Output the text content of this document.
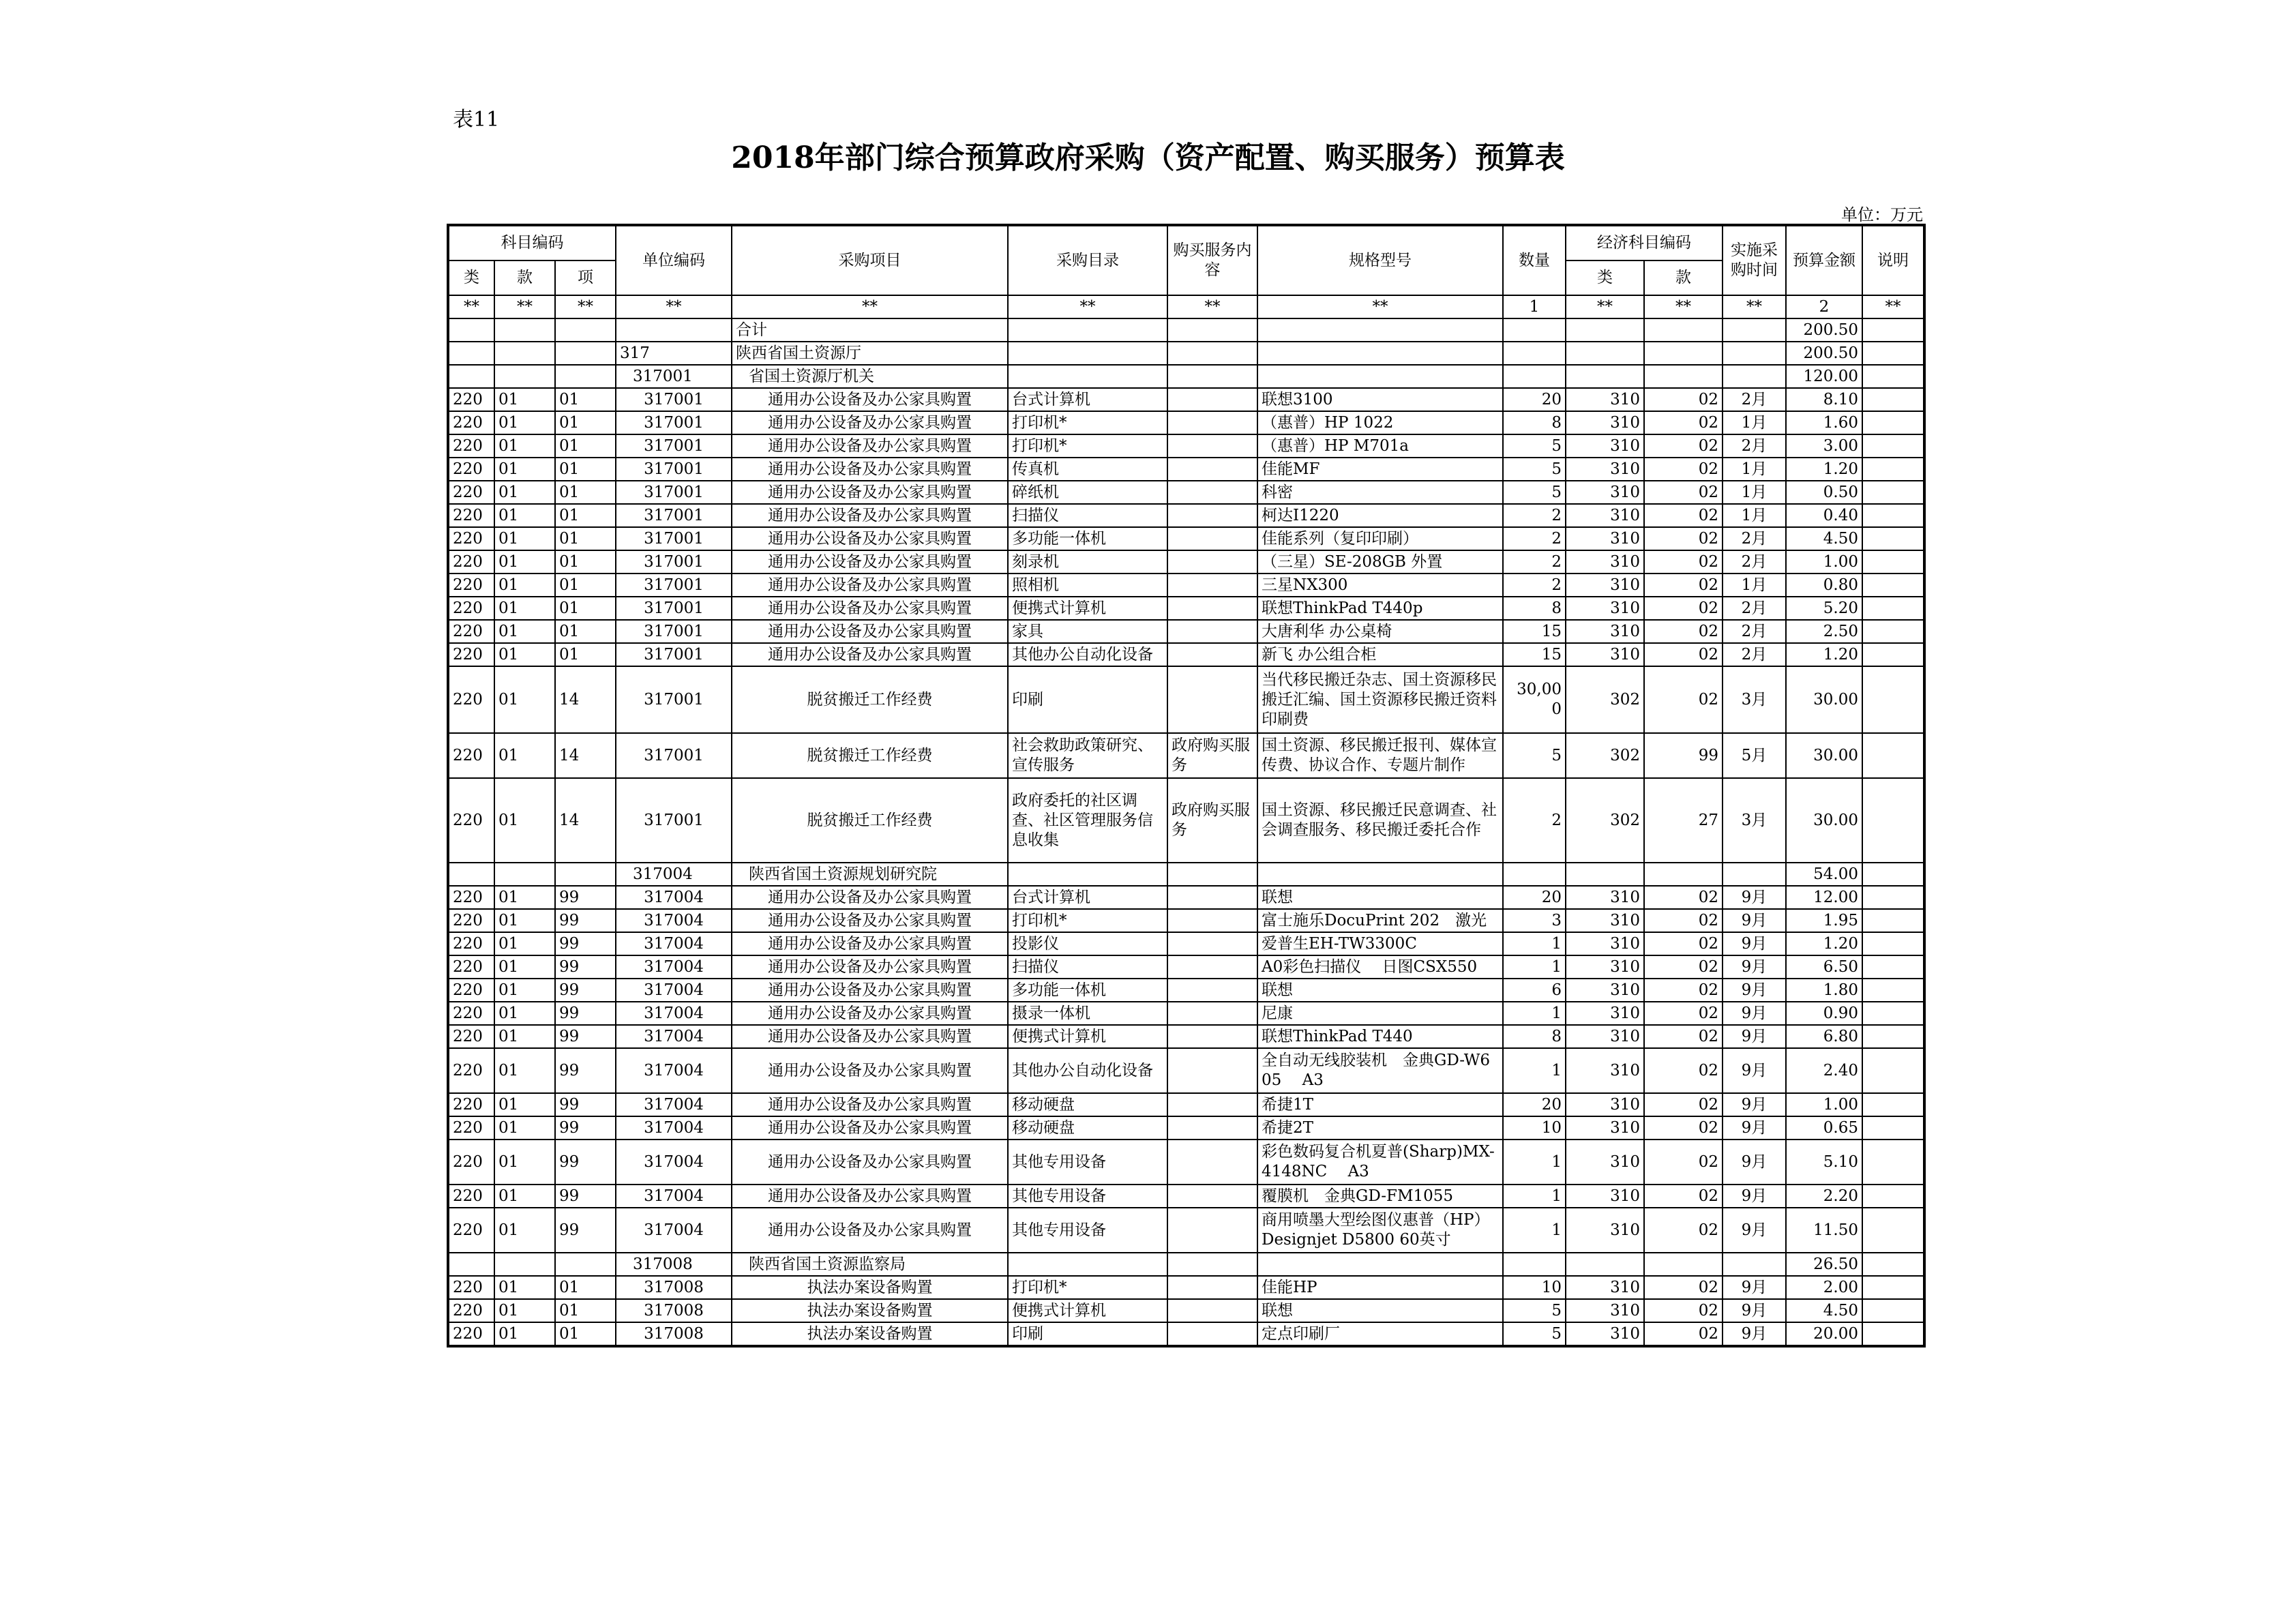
表11
2018年部门综合预算政府采购（资产配置、购买服务）预算表
单位：万元
科目编码			单位编码	采购项目	采购目录	购买服务内容	规格型号	数量	经济科目编码		实施采购时间	预算金额	说明
类	款	项							类	款			
**	**	**	**	**	**	**	**	1	**	**	**	2	**
				合计								200.50	
			317	陕西省国土资源厅								200.50	
			317001	省国土资源厅机关								120.00	
220	01	01	317001	通用办公设备及办公家具购置	台式计算机		联想3100	20	310	02	2月	8.10	
220	01	01	317001	通用办公设备及办公家具购置	打印机*		（惠普）HP 1022	8	310	02	1月	1.60	
220	01	01	317001	通用办公设备及办公家具购置	打印机*		（惠普）HP M701a	5	310	02	2月	3.00	
220	01	01	317001	通用办公设备及办公家具购置	传真机		佳能MF	5	310	02	1月	1.20	
220	01	01	317001	通用办公设备及办公家具购置	碎纸机		科密	5	310	02	1月	0.50	
220	01	01	317001	通用办公设备及办公家具购置	扫描仪		柯达I1220	2	310	02	1月	0.40	
220	01	01	317001	通用办公设备及办公家具购置	多功能一体机		佳能系列（复印印刷）	2	310	02	2月	4.50	
220	01	01	317001	通用办公设备及办公家具购置	刻录机		（三星）SE-208GB 外置	2	310	02	2月	1.00	
220	01	01	317001	通用办公设备及办公家具购置	照相机		三星NX300	2	310	02	1月	0.80	
220	01	01	317001	通用办公设备及办公家具购置	便携式计算机		联想ThinkPad T440p	8	310	02	2月	5.20	
220	01	01	317001	通用办公设备及办公家具购置	家具		大唐利华 办公桌椅	15	310	02	2月	2.50	
220	01	01	317001	通用办公设备及办公家具购置	其他办公自动化设备		新飞 办公组合柜	15	310	02	2月	1.20	
220	01	14	317001	脱贫搬迁工作经费	印刷		当代移民搬迁杂志、国土资源移民搬迁汇编、国土资源移民搬迁资料印刷费	30,000	302	02	3月	30.00	
220	01	14	317001	脱贫搬迁工作经费	社会救助政策研究、宣传服务	政府购买服务	国土资源、移民搬迁报刊、媒体宣传费、协议合作、专题片制作	5	302	99	5月	30.00	
220	01	14	317001	脱贫搬迁工作经费	政府委托的社区调查、社区管理服务信息收集	政府购买服务	国土资源、移民搬迁民意调查、社会调查服务、移民搬迁委托合作	2	302	27	3月	30.00	
			317004	陕西省国土资源规划研究院								54.00	
220	01	99	317004	通用办公设备及办公家具购置	台式计算机		联想	20	310	02	9月	12.00	
220	01	99	317004	通用办公设备及办公家具购置	打印机*		富士施乐DocuPrint 202　激光	3	310	02	9月	1.95	
220	01	99	317004	通用办公设备及办公家具购置	投影仪		爱普生EH-TW3300C	1	310	02	9月	1.20	
220	01	99	317004	通用办公设备及办公家具购置	扫描仪		A0彩色扫描仪　 日图CSX550	1	310	02	9月	6.50	
220	01	99	317004	通用办公设备及办公家具购置	多功能一体机		联想	6	310	02	9月	1.80	
220	01	99	317004	通用办公设备及办公家具购置	摄录一体机		尼康	1	310	02	9月	0.90	
220	01	99	317004	通用办公设备及办公家具购置	便携式计算机		联想ThinkPad T440	8	310	02	9月	6.80	
220	01	99	317004	通用办公设备及办公家具购置	其他办公自动化设备		全自动无线胶装机　金典GD-W605　 A3	1	310	02	9月	2.40	
220	01	99	317004	通用办公设备及办公家具购置	移动硬盘		希捷1T	20	310	02	9月	1.00	
220	01	99	317004	通用办公设备及办公家具购置	移动硬盘		希捷2T	10	310	02	9月	0.65	
220	01	99	317004	通用办公设备及办公家具购置	其他专用设备		彩色数码复合机夏普(Sharp)MX-4148NC　 A3	1	310	02	9月	5.10	
220	01	99	317004	通用办公设备及办公家具购置	其他专用设备		覆膜机　金典GD-FM1055	1	310	02	9月	2.20	
220	01	99	317004	通用办公设备及办公家具购置	其他专用设备		商用喷墨大型绘图仪惠普（HP）Designjet D5800 60英寸	1	310	02	9月	11.50	
			317008	陕西省国土资源监察局								26.50	
220	01	01	317008	执法办案设备购置	打印机*		佳能HP	10	310	02	9月	2.00	
220	01	01	317008	执法办案设备购置	便携式计算机		联想	5	310	02	9月	4.50	
220	01	01	317008	执法办案设备购置	印刷		定点印刷厂	5	310	02	9月	20.00	
